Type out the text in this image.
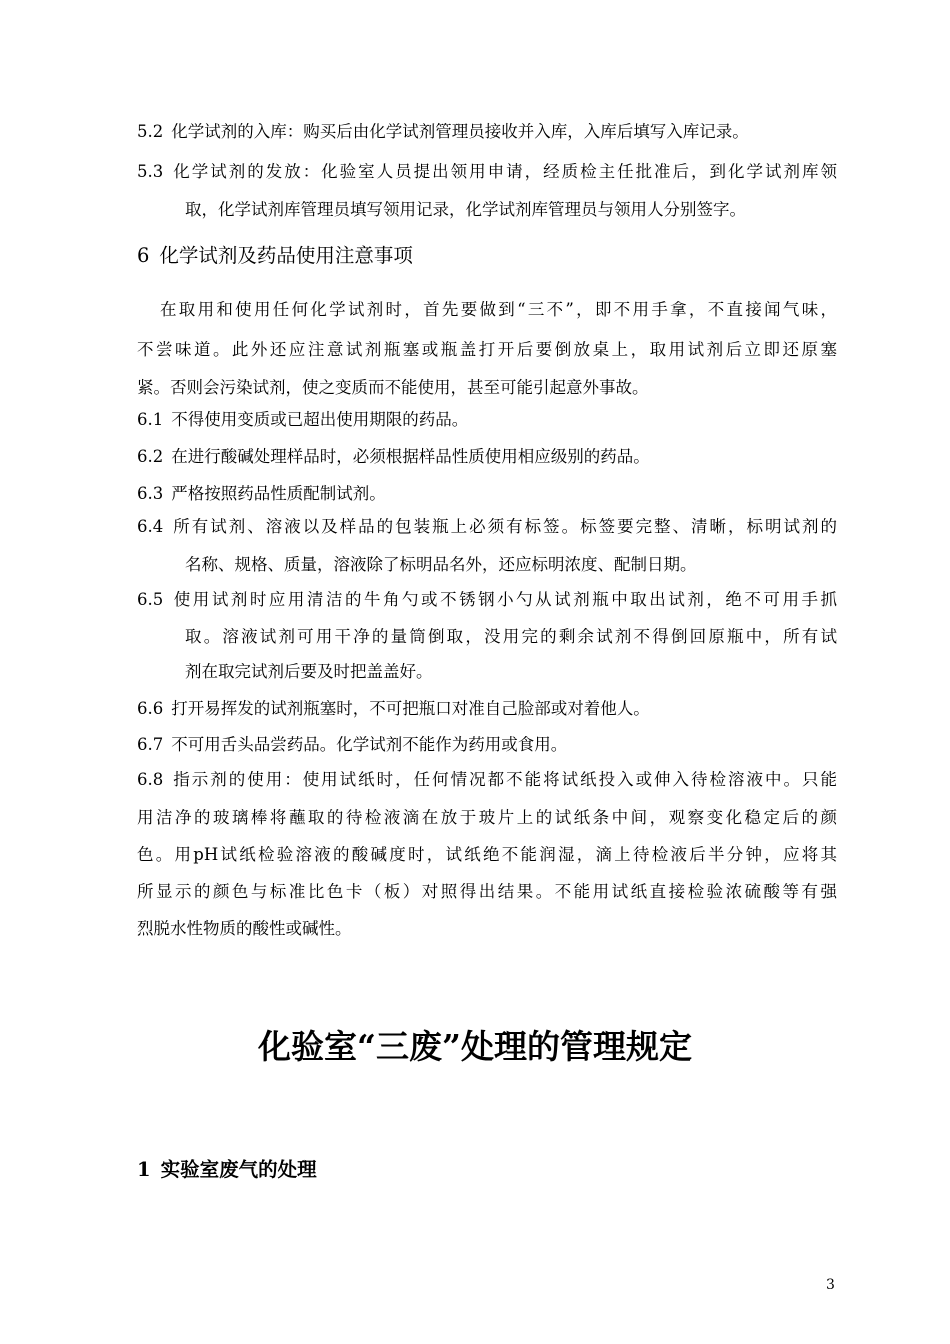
5.2 化学试剂的入库：购买后由化学试剂管理员接收并入库，入库后填写入库记录。
5.3 化学试剂的发放：化验室人员提出领用申请，经质检主任批准后，到化学试剂库领
取，化学试剂库管理员填写领用记录，化学试剂库管理员与领用人分别签字。
6 化学试剂及药品使用注意事项
在取用和使用任何化学试剂时，首先要做到“三不”，即不用手拿，不直接闻气味，
不尝味道。此外还应注意试剂瓶塞或瓶盖打开后要倒放桌上，取用试剂后立即还原塞
紧。否则会污染试剂，使之变质而不能使用，甚至可能引起意外事故。
6.1 不得使用变质或已超出使用期限的药品。
6.2 在进行酸碱处理样品时，必须根据样品性质使用相应级别的药品。
6.3 严格按照药品性质配制试剂。
6.4 所有试剂、溶液以及样品的包装瓶上必须有标签。标签要完整、清晰，标明试剂的
名称、规格、质量，溶液除了标明品名外，还应标明浓度、配制日期。
6.5 使用试剂时应用清洁的牛角勺或不锈钢小勺从试剂瓶中取出试剂，绝不可用手抓
取。溶液试剂可用干净的量筒倒取，没用完的剩余试剂不得倒回原瓶中，所有试
剂在取完试剂后要及时把盖盖好。
6.6 打开易挥发的试剂瓶塞时，不可把瓶口对准自己脸部或对着他人。
6.7 不可用舌头品尝药品。化学试剂不能作为药用或食用。
6.8 指示剂的使用：使用试纸时，任何情况都不能将试纸投入或伸入待检溶液中。只能
用洁净的玻璃棒将蘸取的待检液滴在放于玻片上的试纸条中间，观察变化稳定后的颜
色。用pH试纸检验溶液的酸碱度时，试纸绝不能润湿，滴上待检液后半分钟，应将其
所显示的颜色与标准比色卡（板）对照得出结果。不能用试纸直接检验浓硫酸等有强
烈脱水性物质的酸性或碱性。
化验室“三废”处理的管理规定
1 实验室废气的处理
3
